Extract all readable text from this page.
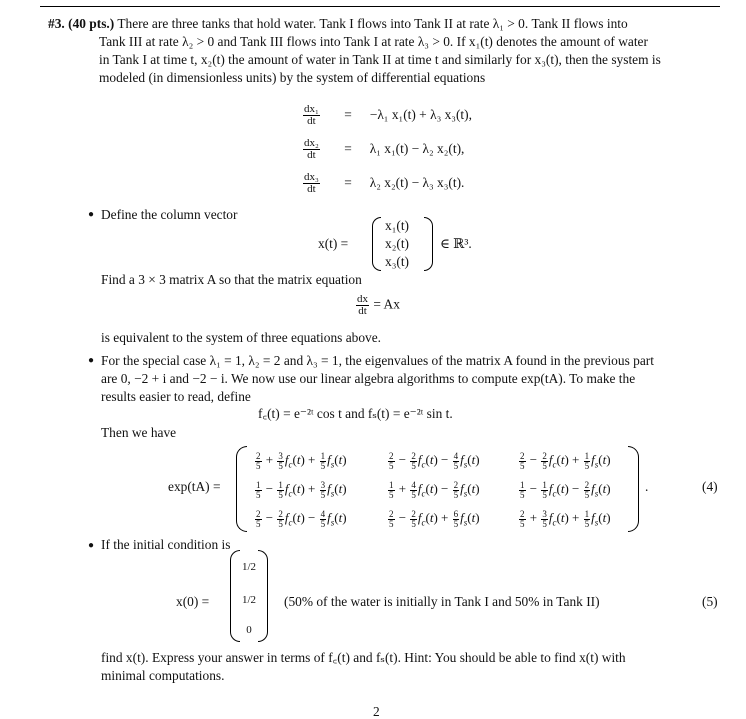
#3. (40 pts.) There are three tanks that hold water. Tank I flows into Tank II at rate λ₁ > 0. Tank II flows into

Tank III at rate λ₂ > 0 and Tank III flows into Tank I at rate λ₃ > 0. If x₁(t) denotes the amount of water

in Tank I at time t, x₂(t) the amount of water in Tank II at time t and similarly for x₃(t), then the system is

modeled (in dimensionless units) by the system of differential equations

$\frac{\text{dx₁}}{dt} = -\lambda_1$ x₁(t) + λ₃ x₃(t),
$\frac{\text{dx₂}}{dt} = \lambda_1$ x₁(t) − λ₂ x₂(t),
$\frac{\text{dx₃}}{dt} = \lambda_2$ x₂(t) − λ₃ x₃(t).
● Define the column vector
x(t) =
x₁(t)
x₂(t)
x₃(t)
∈ ℝ³.
Find a 3 × 3 matrix A so that the matrix equation
$\frac{dx}{dt} = Ax$
is equivalent to the system of three equations above.
● For the special case λ₁ = 1, λ₂ = 2 and λ₃ = 1, the eigenvalues of the matrix A found in the previous part
are 0, −2 + i and −2 − i. We now use our linear algebra algorithms to compute exp(tA). To make the
results easier to read, define
f꜀(t) = e⁻²ᵗ cos t and fₛ(t) = e⁻²ᵗ sin t.
Then we have
exp(tA) =
$\frac{2}{5} + \frac{3}{5} f_c(t) + \frac{1}{5} f_s(t)$	$\frac{2}{5} - \frac{2}{5} f_c(t) - \frac{4}{5} f_s(t)$	$\frac{2}{5} - \frac{2}{5} f_c(t) + \frac{1}{5} f_s(t)$
$\frac{1}{5} - \frac{1}{5} f_c(t) + \frac{3}{5} f_s(t)$	$\frac{1}{5} + \frac{4}{5} f_c(t) - \frac{2}{5} f_s(t)$	$\frac{1}{5} - \frac{1}{5} f_c(t) - \frac{2}{5} f_s(t)$
$\frac{2}{5} - \frac{2}{5} f_c(t) - \frac{4}{5} f_s(t)$	$\frac{2}{5} - \frac{2}{5} f_c(t) + \frac{6}{5} f_s(t)$	$\frac{2}{5} + \frac{3}{5} f_c(t) + \frac{1}{5} f_s(t)$
.	(4)
● If the initial condition is
x(0) =
1/2
1/2
0
(50% of the water is initially in Tank I and 50% in Tank II)	(5)
find x(t). Express your answer in terms of f꜀(t) and fₛ(t). Hint: You should be able to find x(t) with
minimal computations.
2
